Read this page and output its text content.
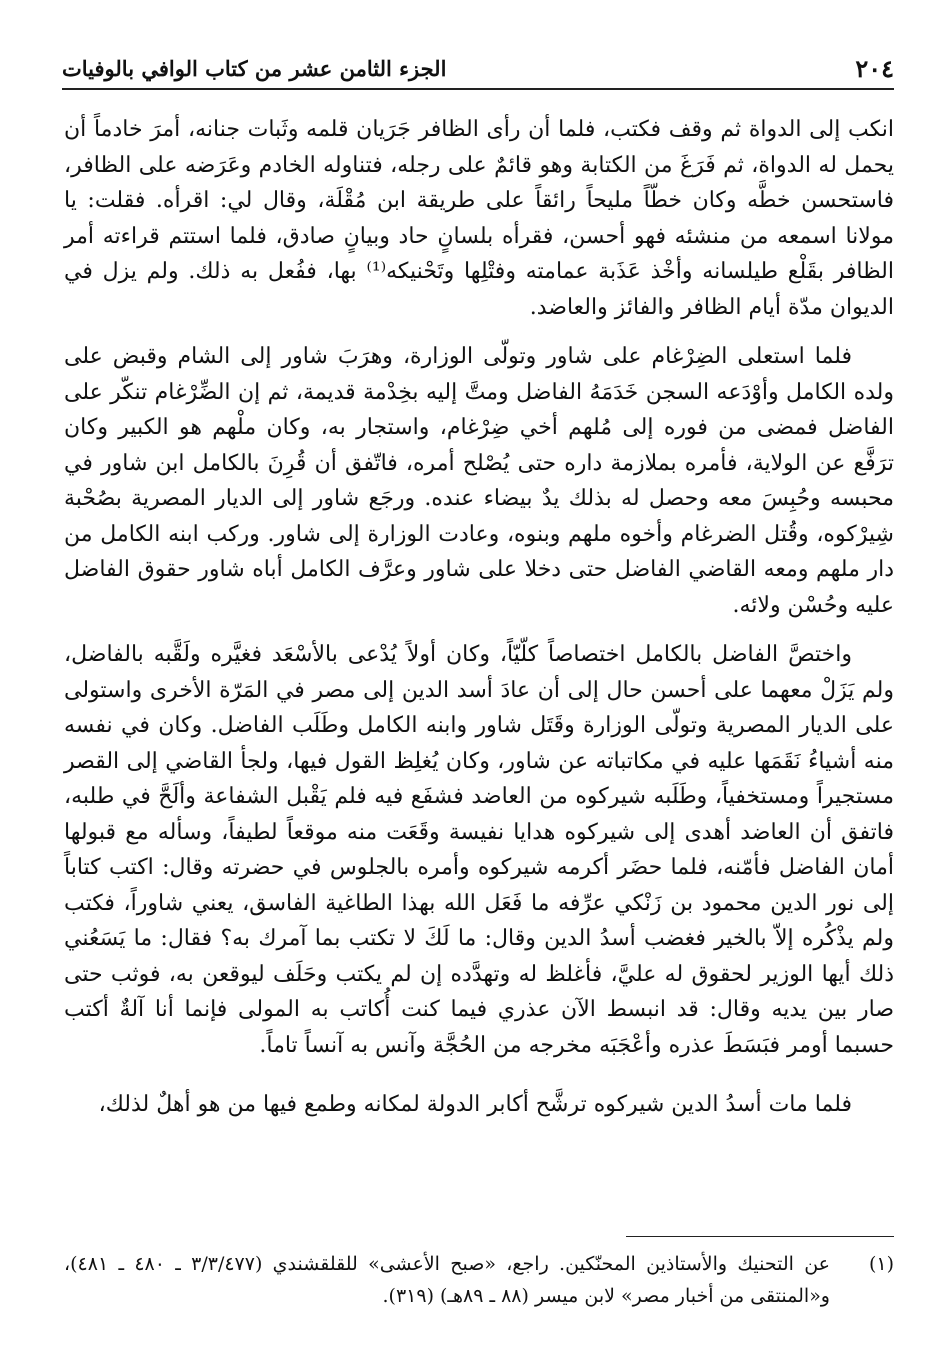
٢٠٤
الجزء الثامن عشر من كتاب الوافي بالوفيات

انكب إلى الدواة ثم وقف فكتب، فلما أن رأى الظافر جَرَيان قلمه وثَبات جنانه، أمرَ خادماً أن يحمل له الدواة، ثم فَرَغَ من الكتابة وهو قائمٌ على رجله، فتناوله الخادم وعَرَضه على الظافر، فاستحسن خطَّه وكان خطّاً مليحاً رائقاً على طريقة ابن مُقْلَة، وقال لي: اقرأه. فقلت: يا مولانا اسمعه من منشئه فهو أحسن، فقرأه بلسانٍ حاد وبيانٍ صادق، فلما استتم قراءته أمر الظافر بقَلْع طيلسانه وأخْذ عَذَبة عمامته وفتْلِها وتَحْنيكه⁽¹⁾ بها، ففُعل به ذلك. ولم يزل في الديوان مدّة أيام الظافر والفائز والعاضد.

فلما استعلى الضِرْغام على شاور وتولّى الوزارة، وهرَبَ شاور إلى الشام وقبض على ولده الكامل وأوْدَعه السجن خَدَمَهُ الفاضل ومتَّ إليه بخِدْمة قديمة، ثم إن الضِّرْغام تنكّر على الفاضل فمضى من فوره إلى مُلهم أخي ضِرْغام، واستجار به، وكان ملْهم هو الكبير وكان ترَفَّع عن الولاية، فأمره بملازمة داره حتى يُصْلح أمره، فاتّفق أن قُرِنَ بالكامل ابن شاور في محبسه وحُبِسَ معه وحصل له بذلك يدٌ بيضاء عنده. ورجَع شاور إلى الديار المصرية بصُحْبة شِيرْكوه، وقُتل الضرغام وأخوه ملهم وبنوه، وعادت الوزارة إلى شاور. وركب ابنه الكامل من دار ملهم ومعه القاضي الفاضل حتى دخلا على شاور وعرَّف الكامل أباه شاور حقوق الفاضل عليه وحُسْن ولائه.

واختصَّ الفاضل بالكامل اختصاصاً كلّيّاً، وكان أولاً يُدْعى بالأسْعَد فغيَّره ولَقَّبه بالفاضل، ولم يَزَلْ معهما على أحسن حال إلى أن عادَ أسد الدين إلى مصر في المَرّة الأخرى واستولى على الديار المصرية وتولّى الوزارة وقَتَل شاور وابنه الكامل وطَلَب الفاضل. وكان في نفسه منه أشياءُ نَقَمَها عليه في مكاتباته عن شاور، وكان يُغلِظ القول فيها، ولجأ القاضي إلى القصر مستجيراً ومستخفياً، وطَلَبه شيركوه من العاضد فشفَع فيه فلم يَقْبل الشفاعة وألَحَّ في طلبه، فاتفق أن العاضد أهدى إلى شيركوه هدايا نفيسة وقَعَت منه موقعاً لطيفاً، وسأله مع قبولها أمان الفاضل فأمّنه، فلما حضَر أكرمه شيركوه وأمره بالجلوس في حضرته وقال: اكتب كتاباً إلى نور الدين محمود بن زَنْكي عرِّفه ما فَعَل الله بهذا الطاغية الفاسق، يعني شاوراً، فكتب ولم يذْكُره إلاّ بالخير فغضب أسدُ الدين وقال: ما لَكَ لا تكتب بما آمرك به؟ فقال: ما يَسَعُني ذلك أيها الوزير لحقوق له عليَّ، فأغلظ له وتهدَّده إن لم يكتب وحَلَف ليوقعن به، فوثب حتى صار بين يديه وقال: قد انبسط الآن عذري فيما كنت أُكاتب به المولى فإنما أنا آلةٌ أكتب حسبما أومر فبَسَطَ عذره وأعْجَبَه مخرجه من الحُجَّة وآنس به آنساً تاماً.

فلما مات أسدُ الدين شيركوه ترشَّح أكابر الدولة لمكانه وطمع فيها من هو أهلٌ لذلك،

(١)
عن التحنيك والأستاذين المحنّكين. راجع، «صبح الأعشى» للقلقشندي (٣/٣/٤٧٧ ـ ٤٨٠ ـ ٤٨١)، و«المنتقى من أخبار مصر» لابن ميسر (٨٨ ـ ٨٩هـ) (٣١٩).
